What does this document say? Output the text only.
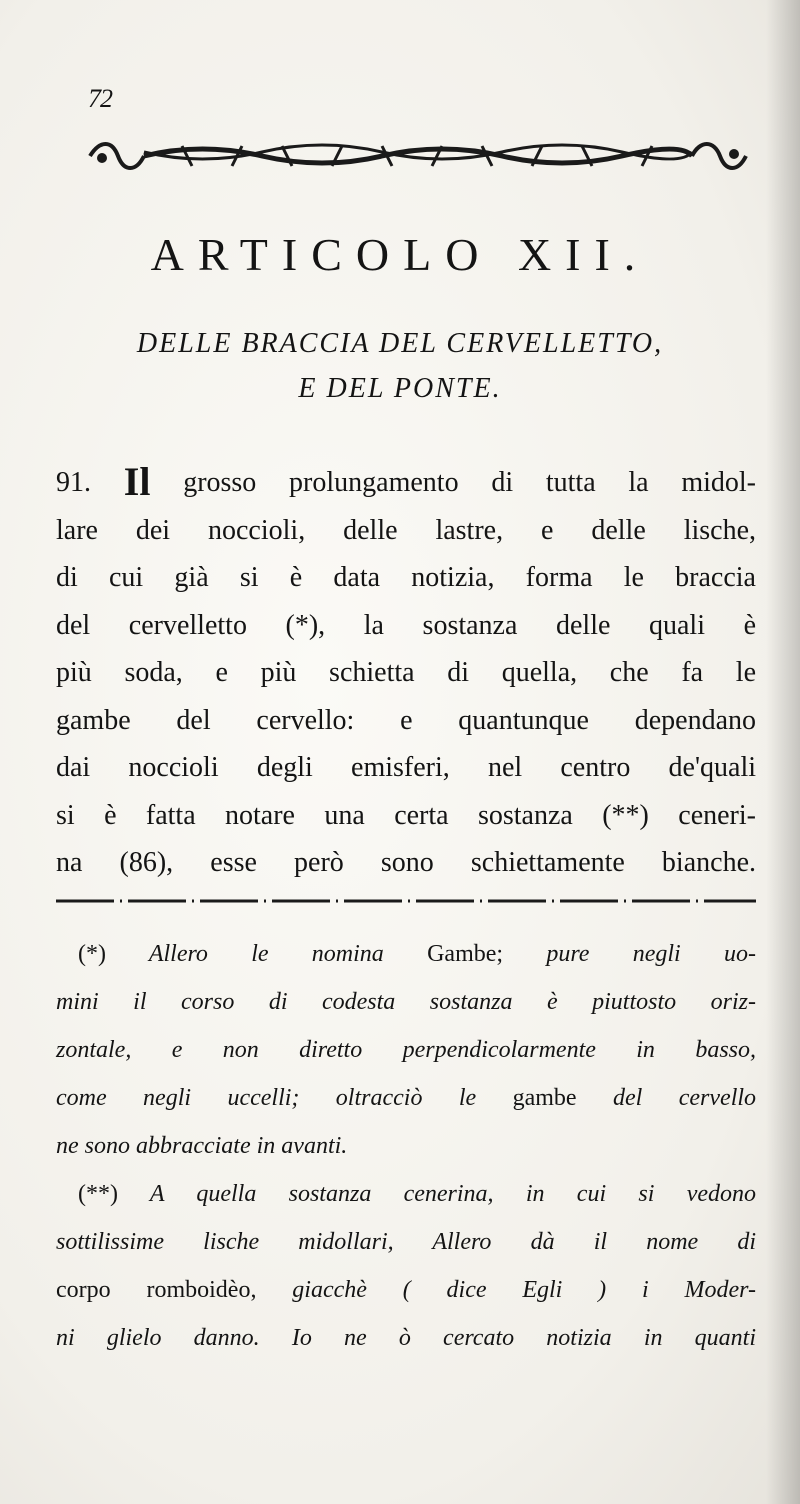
72
ARTICOLO XII.
DELLE BRACCIA DEL CERVELLETTO,
E DEL PONTE.
91. Il grosso prolungamento di tutta la midol-
lare dei noccioli, delle lastre, e delle lische,
di cui già si è data notizia, forma le braccia
del cervelletto (*), la sostanza delle quali è
più soda, e più schietta di quella, che fa le
gambe del cervello: e quantunque dependano
dai noccioli degli emisferi, nel centro de'quali
si è fatta notare una certa sostanza (**) ceneri-
na (86), esse però sono schiettamente bianche.
(*) Allero le nomina Gambe; pure negli uo-
mini il corso di codesta sostanza è piuttosto oriz-
zontale, e non diretto perpendicolarmente in basso,
come negli uccelli; oltracciò le gambe del cervello
ne sono abbracciate in avanti.
(**) A quella sostanza cenerina, in cui si vedono
sottilissime lische midollari, Allero dà il nome di
corpo romboidèo, giacchè ( dice Egli ) i Moder-
ni glielo danno. Io ne ò cercato notizia in quanti
